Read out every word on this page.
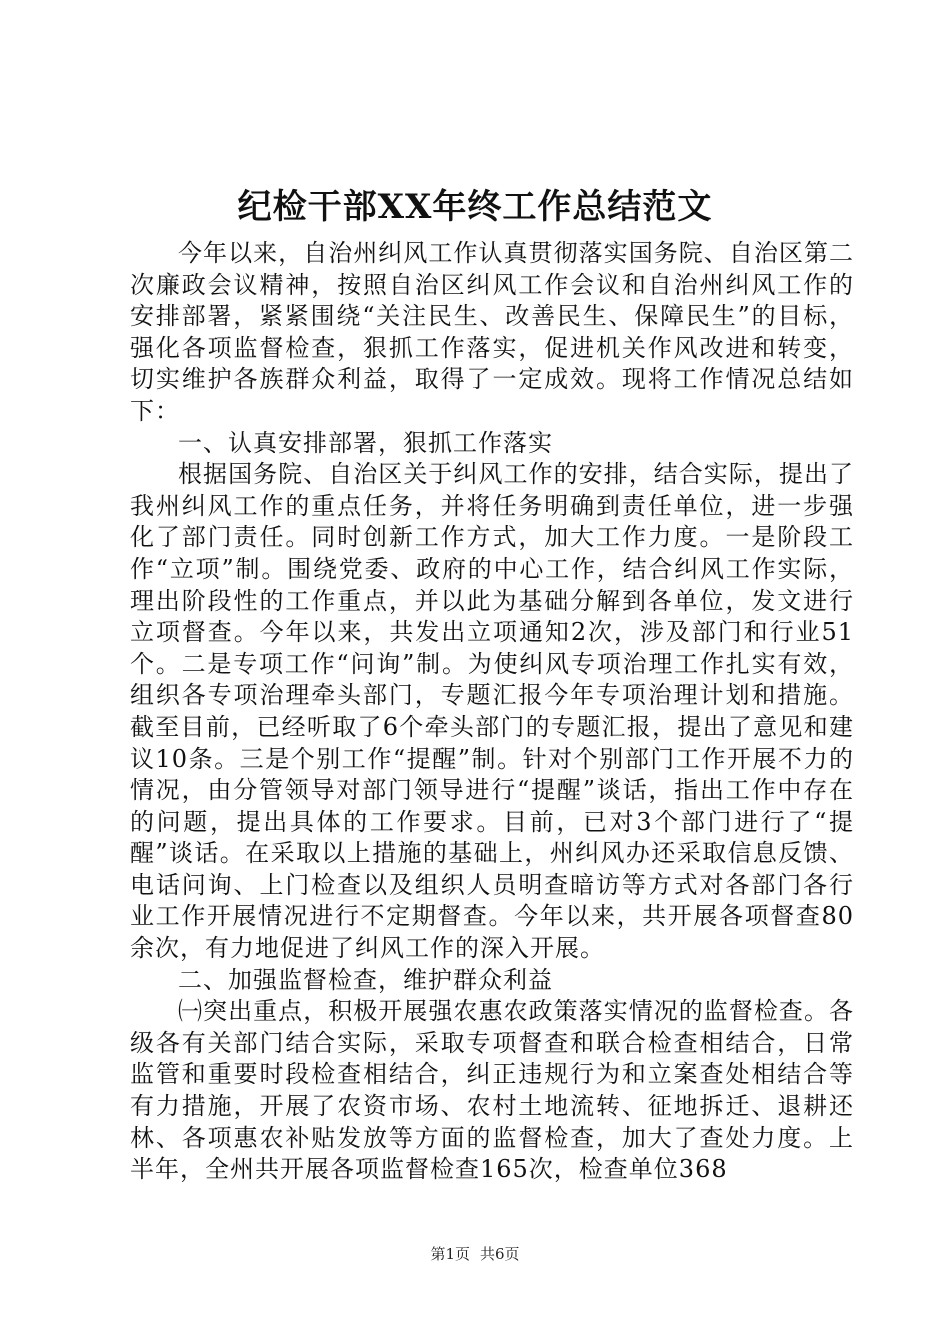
纪检干部XX年终工作总结范文

今年以来，自治州纠风工作认真贯彻落实国务院、自治区第二次廉政会议精神，按照自治区纠风工作会议和自治州纠风工作的安排部署，紧紧围绕“关注民生、改善民生、保障民生”的目标，强化各项监督检查，狠抓工作落实，促进机关作风改进和转变，切实维护各族群众利益，取得了一定成效。现将工作情况总结如下：

一、认真安排部署，狠抓工作落实

根据国务院、自治区关于纠风工作的安排，结合实际，提出了我州纠风工作的重点任务，并将任务明确到责任单位，进一步强化了部门责任。同时创新工作方式，加大工作力度。一是阶段工作“立项”制。围绕党委、政府的中心工作，结合纠风工作实际，理出阶段性的工作重点，并以此为基础分解到各单位，发文进行立项督查。今年以来，共发出立项通知2次，涉及部门和行业51个。二是专项工作“问询”制。为使纠风专项治理工作扎实有效，组织各专项治理牵头部门，专题汇报今年专项治理计划和措施。截至目前，已经听取了6个牵头部门的专题汇报，提出了意见和建议10条。三是个别工作“提醒”制。针对个别部门工作开展不力的情况，由分管领导对部门领导进行“提醒”谈话，指出工作中存在的问题，提出具体的工作要求。目前，已对3个部门进行了“提醒”谈话。在采取以上措施的基础上，州纠风办还采取信息反馈、电话问询、上门检查以及组织人员明查暗访等方式对各部门各行业工作开展情况进行不定期督查。今年以来，共开展各项督查80余次，有力地促进了纠风工作的深入开展。

二、加强监督检查，维护群众利益

㈠突出重点，积极开展强农惠农政策落实情况的监督检查。各级各有关部门结合实际，采取专项督查和联合检查相结合，日常监管和重要时段检查相结合，纠正违规行为和立案查处相结合等有力措施，开展了农资市场、农村土地流转、征地拆迁、退耕还林、各项惠农补贴发放等方面的监督检查，加大了查处力度。上半年，全州共开展各项监督检查165次，检查单位368

第1页 共6页
